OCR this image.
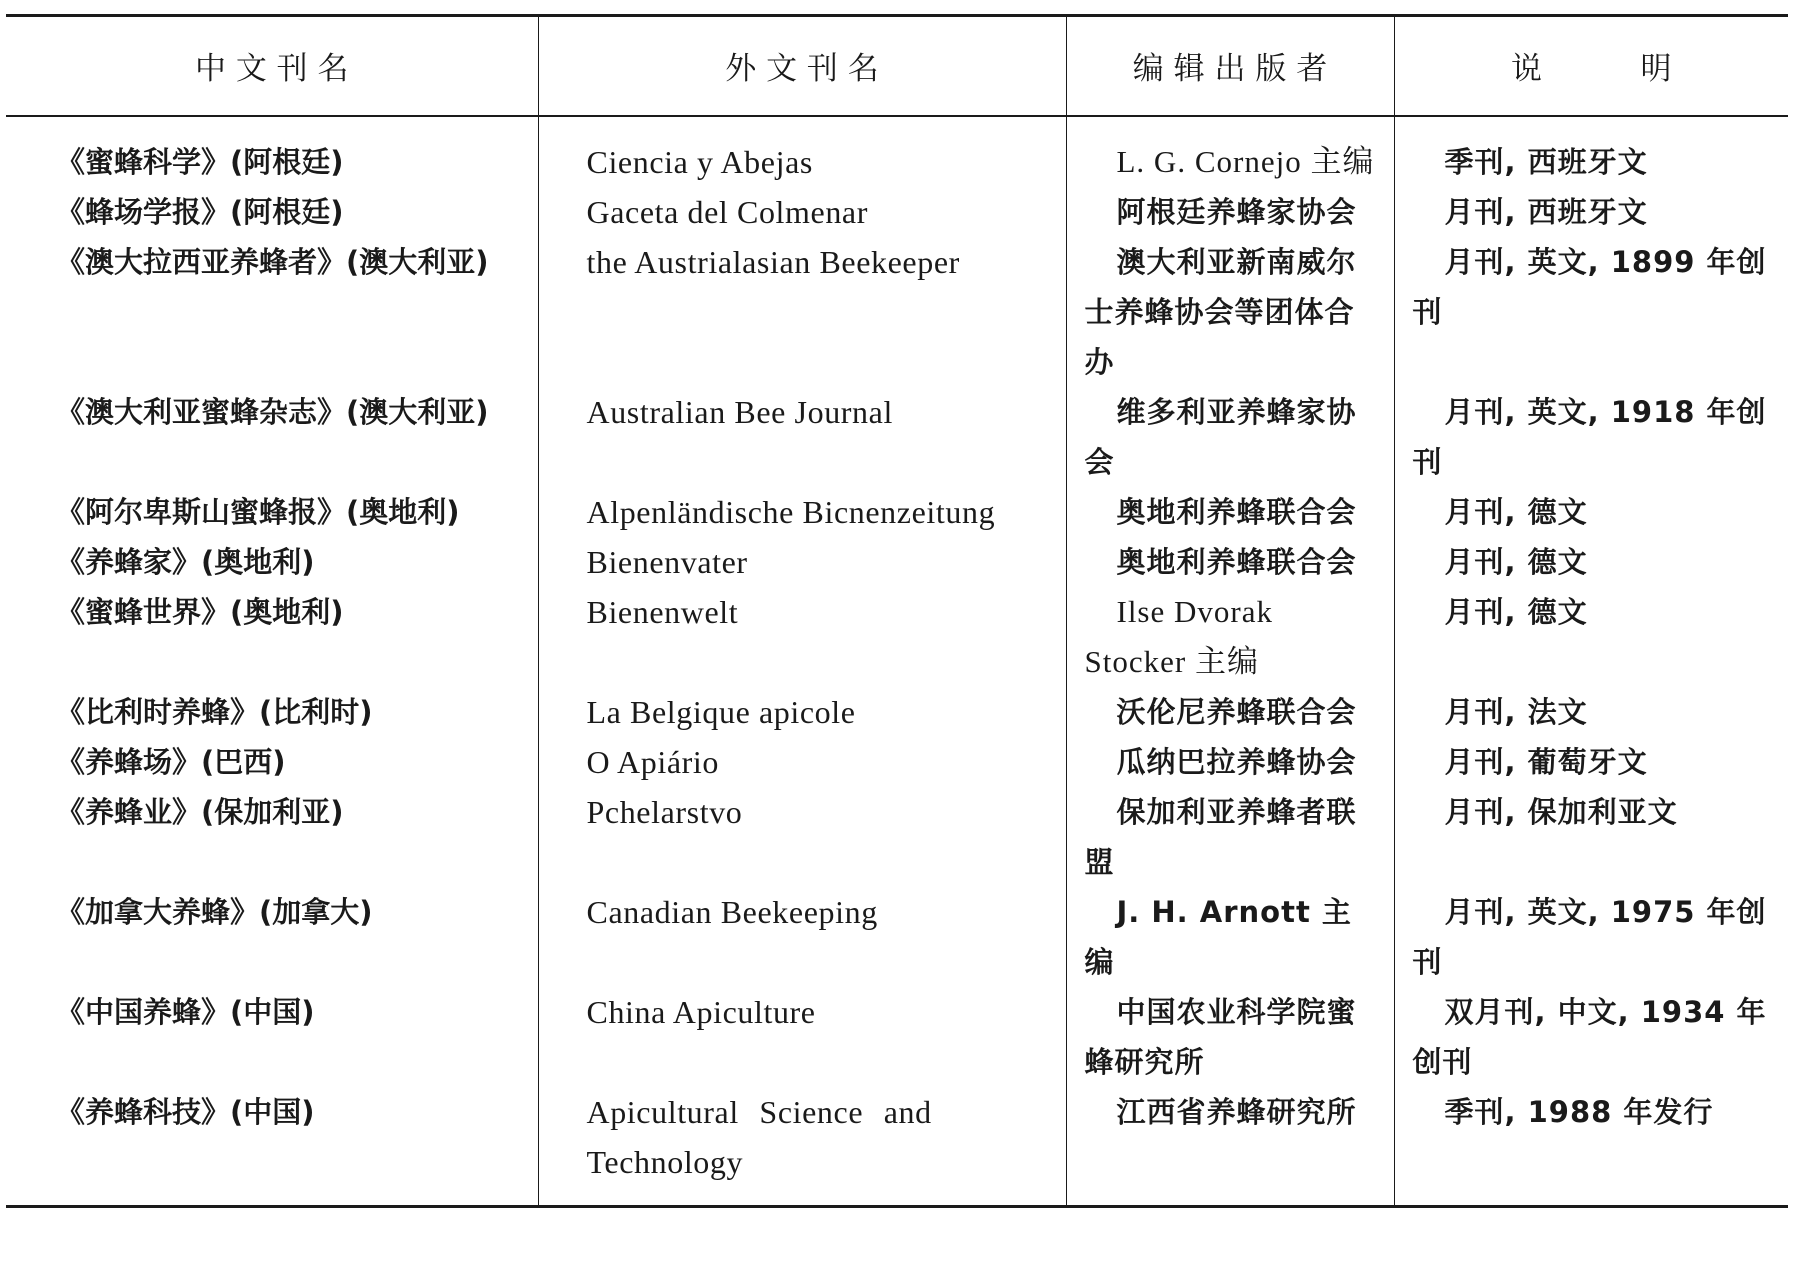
中 文 刊 名	外 文 刊 名	编 辑 出 版 者	说          明
《蜜蜂科学》(阿根廷)	Ciencia y Abejas	L. G. Cornejo 主编	季刊, 西班牙文

《蜂场学报》(阿根廷)	Gaceta del Colmenar	阿根廷养蜂家协会	月刊, 西班牙文

《澳大拉西亚养蜂者》(澳大利亚)	the Austrialasian Beekeeper	澳大利亚新南威尔士养蜂协会等团体合办	月刊, 英文, 1899 年创刊

《澳大利亚蜜蜂杂志》(澳大利亚)	Australian Bee Journal	维多利亚养蜂家协会	月刊, 英文, 1918 年创刊

《阿尔卑斯山蜜蜂报》(奥地利)	Alpenländische Bicnenzeitung	奥地利养蜂联合会	月刊, 德文

《养蜂家》(奥地利)	Bienenvater	奥地利养蜂联合会	月刊, 德文

《蜜蜂世界》(奥地利)	Bienenwelt	Ilse Dvorak Stocker 主编	月刊, 德文

《比利时养蜂》(比利时)	La Belgique apicole	沃伦尼养蜂联合会	月刊, 法文

《养蜂场》(巴西)	O Apiário	瓜纳巴拉养蜂协会	月刊, 葡萄牙文

《养蜂业》(保加利亚)	Pchelarstvo	保加利亚养蜂者联盟	月刊, 保加利亚文

《加拿大养蜂》(加拿大)	Canadian Beekeeping	J. H. Arnott 主编	月刊, 英文, 1975 年创刊

《中国养蜂》(中国)	China Apiculture	中国农业科学院蜜蜂研究所	双月刊, 中文, 1934 年创刊

《养蜂科技》(中国)	Apicultural Science and Technology	江西省养蜂研究所	季刊, 1988 年发行
